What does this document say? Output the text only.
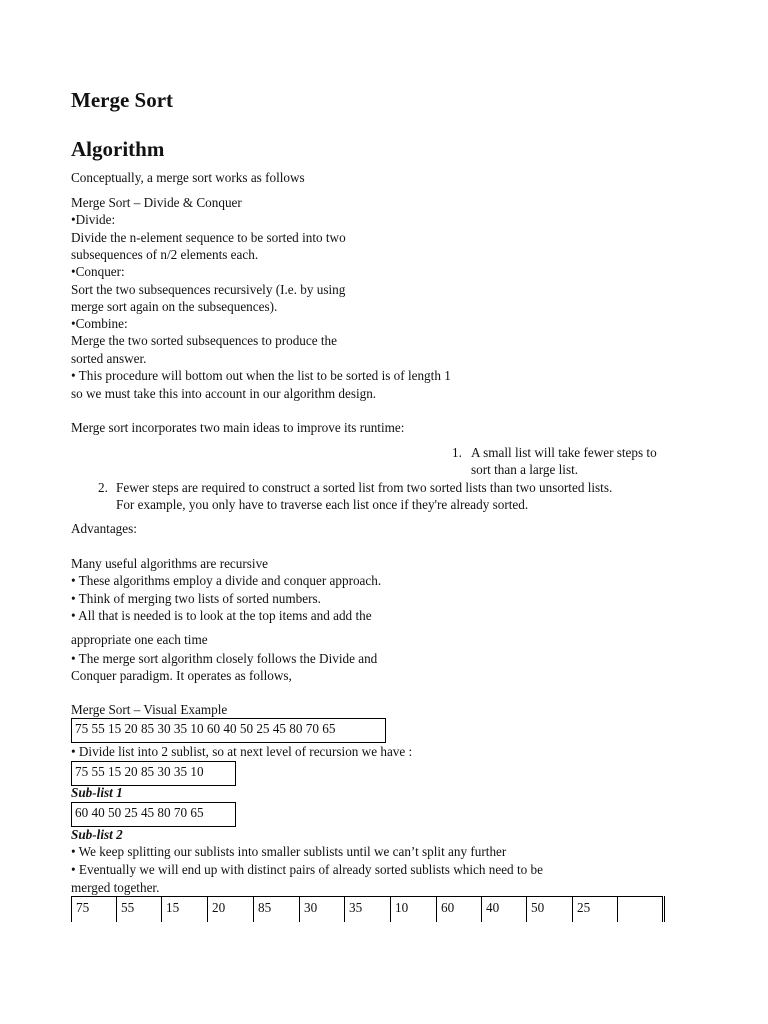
Merge Sort
Algorithm
Conceptually, a merge sort works as follows
Merge Sort – Divide & Conquer
•Divide:
Divide the n-element sequence to be sorted into two
subsequences of n/2 elements each.
•Conquer:
Sort the two subsequences recursively (I.e. by using
merge sort again on the subsequences).
•Combine:
Merge the two sorted subsequences to produce the
sorted answer.
• This procedure will bottom out when the list to be sorted is of length 1
so we must take this into account in our algorithm design.
Merge sort incorporates two main ideas to improve its runtime:
1. A small list will take fewer steps to
sort than a large list.
2. Fewer steps are required to construct a sorted list from two sorted lists than two unsorted lists.
For example, you only have to traverse each list once if they're already sorted.
Advantages:
Many useful algorithms are recursive
• These algorithms employ a divide and conquer approach.
• Think of merging two lists of sorted numbers.
• All that is needed is to look at the top items and add the
appropriate one each time
• The merge sort algorithm closely follows the Divide and
Conquer paradigm. It operates as follows,
Merge Sort – Visual Example
75 55 15 20 85 30 35 10 60 40 50 25 45 80 70 65
• Divide list into 2 sublist, so at next level of recursion we have :
75 55 15 20 85 30 35 10
Sub-list 1
60 40 50 25 45 80 70 65
Sub-list 2
• We keep splitting our sublists into smaller sublists until we can’t split any further
• Eventually we will end up with distinct pairs of already sorted sublists which need to be
merged together.
75	55	15	20	85	30	35	10	60	40	50	25	
